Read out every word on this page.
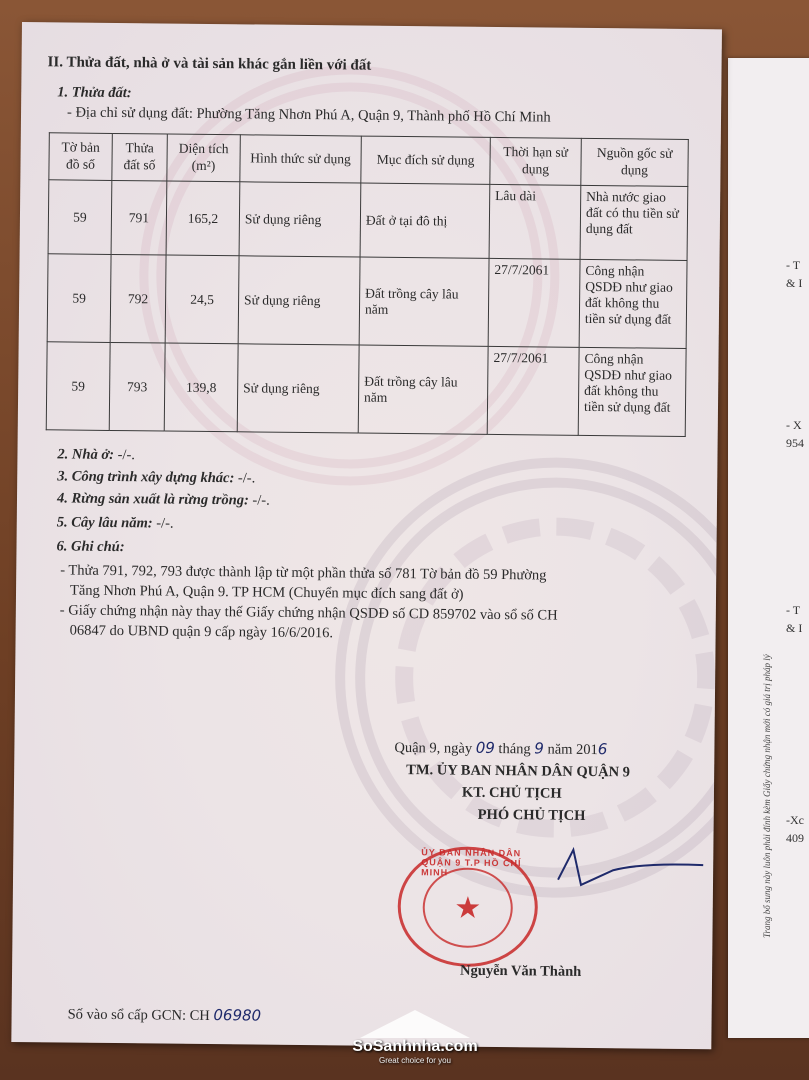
- T
& I
- X
954
- T
& I
-Xc
409
Trang bổ sung này luôn phải đính kèm Giấy chứng nhận mới có giá trị pháp lý
II. Thửa đất, nhà ở và tài sản khác gắn liền với đất
1. Thửa đất:
- Địa chỉ sử dụng đất: Phường Tăng Nhơn Phú A, Quận 9, Thành phố Hồ Chí Minh
Tờ bản đồ số	Thửa đất số	Diện tích (m²)	Hình thức sử dụng	Mục đích sử dụng	Thời hạn sử dụng	Nguồn gốc sử dụng
59	791	165,2	Sử dụng riêng	Đất ở tại đô thị	Lâu dài	Nhà nước giao đất có thu tiền sử dụng đất
59	792	24,5	Sử dụng riêng	Đất trồng cây lâu năm	27/7/2061	Công nhận QSDĐ như giao đất không thu tiền sử dụng đất
59	793	139,8	Sử dụng riêng	Đất trồng cây lâu năm	27/7/2061	Công nhận QSDĐ như giao đất không thu tiền sử dụng đất
2. Nhà ở: -/-.
3. Công trình xây dựng khác: -/-.
4. Rừng sản xuất là rừng trồng: -/-.
5. Cây lâu năm: -/-.
6. Ghi chú:
- Thửa 791, 792, 793 được thành lập từ một phần thửa số 781 Tờ bản đồ 59 Phường
Tăng Nhơn Phú A, Quận 9. TP HCM (Chuyển mục đích sang đất ở)
- Giấy chứng nhận này thay thế Giấy chứng nhận QSDĐ số CD 859702 vào sổ số CH
06847 do UBND quận 9 cấp ngày 16/6/2016.
Quận 9, ngày 09 tháng 9 năm 2016
TM. ỦY BAN NHÂN DÂN QUẬN 9
KT. CHỦ TỊCH
PHÓ CHỦ TỊCH
ỦY BAN NHÂN DÂN QUẬN 9 T.P HỒ CHÍ MINH
★
Nguyễn Văn Thành
Số vào sổ cấp GCN: CH 06980
SoSanhnha.com
Great choice for you
